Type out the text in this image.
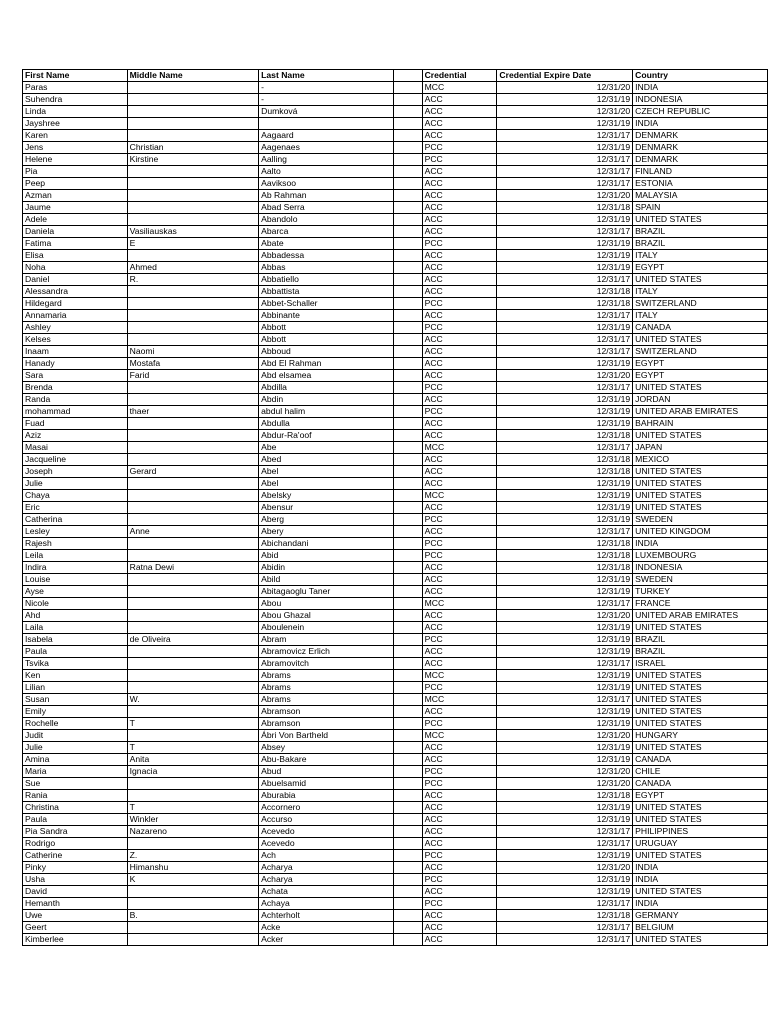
First Name	Middle Name	Last Name		Credential	Credential Expire Date	Country
Paras		-		MCC	12/31/20	INDIA
Suhendra		-		ACC	12/31/19	INDONESIA
Linda		Dumková		ACC	12/31/20	CZECH REPUBLIC
Jayshree				ACC	12/31/19	INDIA
Karen		Aagaard		ACC	12/31/17	DENMARK
Jens	Christian	Aagenaes		PCC	12/31/19	DENMARK
Helene	Kirstine	Aalling		PCC	12/31/17	DENMARK
Pia		Aalto		ACC	12/31/17	FINLAND
Peep		Aaviksoo		ACC	12/31/17	ESTONIA
Azman		Ab Rahman		ACC	12/31/20	MALAYSIA
Jaume		Abad Serra		ACC	12/31/18	SPAIN
Adele		Abandolo		ACC	12/31/19	UNITED STATES
Daniela	Vasiliauskas	Abarca		ACC	12/31/17	BRAZIL
Fatima	E	Abate		PCC	12/31/19	BRAZIL
Elisa		Abbadessa		ACC	12/31/19	ITALY
Noha	Ahmed	Abbas		ACC	12/31/19	EGYPT
Daniel	R.	Abbatiello		ACC	12/31/17	UNITED STATES
Alessandra		Abbattista		ACC	12/31/18	ITALY
Hildegard		Abbet-Schaller		PCC	12/31/18	SWITZERLAND
Annamaria		Abbinante		ACC	12/31/17	ITALY
Ashley		Abbott		PCC	12/31/19	CANADA
Kelses		Abbott		ACC	12/31/17	UNITED STATES
Inaam	Naomi	Abboud		ACC	12/31/17	SWITZERLAND
Hanady	Mostafa	Abd El Rahman		ACC	12/31/19	EGYPT
Sara	Farid	Abd elsamea		ACC	12/31/20	EGYPT
Brenda		Abdilla		PCC	12/31/17	UNITED STATES
Randa		Abdin		ACC	12/31/19	JORDAN
mohammad	thaer	abdul halim		PCC	12/31/19	UNITED ARAB EMIRATES
Fuad		Abdulla		ACC	12/31/19	BAHRAIN
Aziz		Abdur-Ra'oof		ACC	12/31/18	UNITED STATES
Masai		Abe		MCC	12/31/17	JAPAN
Jacqueline		Abed		ACC	12/31/18	MEXICO
Joseph	Gerard	Abel		ACC	12/31/18	UNITED STATES
Julie		Abel		ACC	12/31/19	UNITED STATES
Chaya		Abelsky		MCC	12/31/19	UNITED STATES
Eric		Abensur		ACC	12/31/19	UNITED STATES
Catherina		Aberg		PCC	12/31/19	SWEDEN
Lesley	Anne	Abery		ACC	12/31/17	UNITED KINGDOM
Rajesh		Abichandani		PCC	12/31/18	INDIA
Leila		Abid		PCC	12/31/18	LUXEMBOURG
Indira	Ratna Dewi	Abidin		ACC	12/31/18	INDONESIA
Louise		Abild		ACC	12/31/19	SWEDEN
Ayse		Abitagaoglu Taner		ACC	12/31/19	TURKEY
Nicole		Abou		MCC	12/31/17	FRANCE
Ahd		Abou Ghazal		ACC	12/31/20	UNITED ARAB EMIRATES
Laila		Aboulenein		ACC	12/31/19	UNITED STATES
Isabela	de Oliveira	Abram		PCC	12/31/19	BRAZIL
Paula		Abramovicz Erlich		ACC	12/31/19	BRAZIL
Tsvika		Abramovitch		ACC	12/31/17	ISRAEL
Ken		Abrams		MCC	12/31/19	UNITED STATES
Lilian		Abrams		PCC	12/31/19	UNITED STATES
Susan	W.	Abrams		MCC	12/31/17	UNITED STATES
Emily		Abramson		ACC	12/31/19	UNITED STATES
Rochelle	T	Abramson		PCC	12/31/19	UNITED STATES
Judit		Ábri Von Bartheld		MCC	12/31/20	HUNGARY
Julie	T	Absey		ACC	12/31/19	UNITED STATES
Amina	Anita	Abu-Bakare		ACC	12/31/19	CANADA
Maria	Ignacia	Abud		PCC	12/31/20	CHILE
Sue		Abuelsamid		PCC	12/31/20	CANADA
Rania		Aburabia		ACC	12/31/18	EGYPT
Christina	T	Accornero		ACC	12/31/19	UNITED STATES
Paula	Winkler	Accurso		ACC	12/31/19	UNITED STATES
Pia Sandra	Nazareno	Acevedo		ACC	12/31/17	PHILIPPINES
Rodrigo		Acevedo		ACC	12/31/17	URUGUAY
Catherine	Z.	Ach		PCC	12/31/19	UNITED STATES
Pinky	Himanshu	Acharya		ACC	12/31/20	INDIA
Usha	K	Acharya		PCC	12/31/19	INDIA
David		Achata		ACC	12/31/19	UNITED STATES
Hemanth		Achaya		PCC	12/31/17	INDIA
Uwe	B.	Achterholt		ACC	12/31/18	GERMANY
Geert		Acke		ACC	12/31/17	BELGIUM
Kimberlee		Acker		ACC	12/31/17	UNITED STATES
